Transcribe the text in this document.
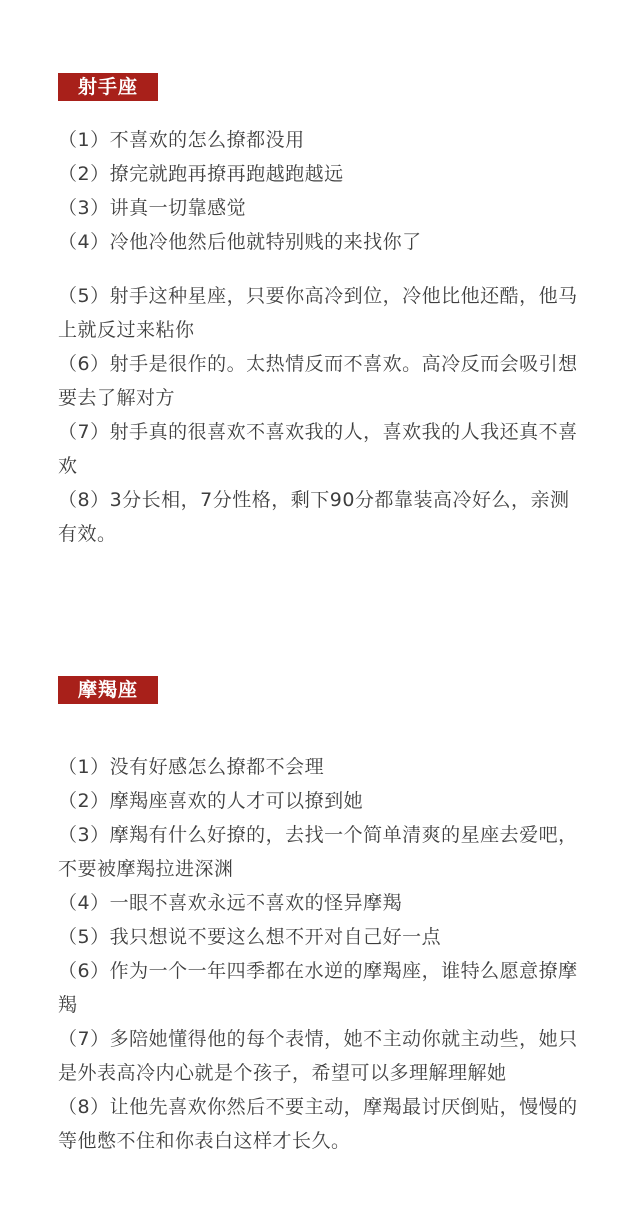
射手座
（1）不喜欢的怎么撩都没用
（2）撩完就跑再撩再跑越跑越远
（3）讲真一切靠感觉
（4）冷他冷他然后他就特别贱的来找你了
（5）射手这种星座，只要你高冷到位，冷他比他还酷，他马上就反过来粘你
（6）射手是很作的。太热情反而不喜欢。高冷反而会吸引想要去了解对方
（7）射手真的很喜欢不喜欢我的人，喜欢我的人我还真不喜欢
（8）3分长相，7分性格，剩下90分都靠装高冷好么，亲测有效。
摩羯座
（1）没有好感怎么撩都不会理
（2）摩羯座喜欢的人才可以撩到她
（3）摩羯有什么好撩的，去找一个简单清爽的星座去爱吧，不要被摩羯拉进深渊
（4）一眼不喜欢永远不喜欢的怪异摩羯
（5）我只想说不要这么想不开对自己好一点
（6）作为一个一年四季都在水逆的摩羯座，谁特么愿意撩摩羯
（7）多陪她懂得他的每个表情，她不主动你就主动些，她只是外表高冷内心就是个孩子，希望可以多理解理解她
（8）让他先喜欢你然后不要主动，摩羯最讨厌倒贴，慢慢的等他憋不住和你表白这样才长久。
